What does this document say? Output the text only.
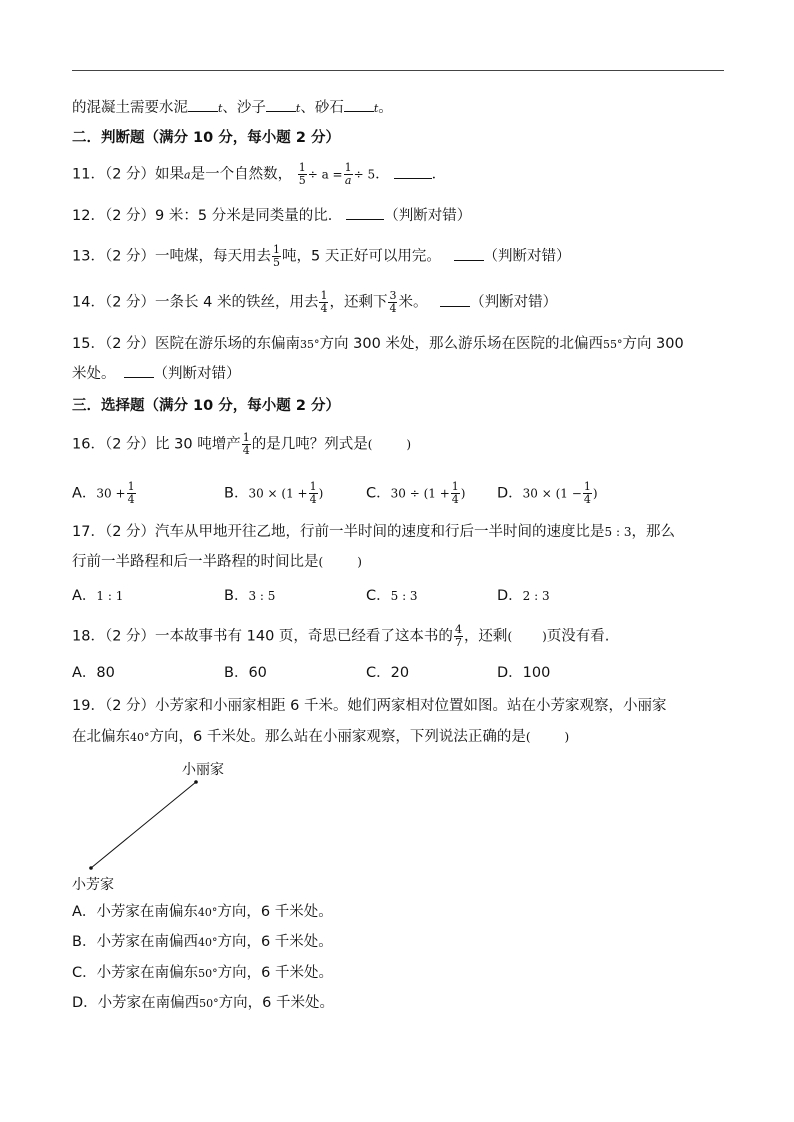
的混凝土需要水泥	t、沙子	t、砂石	t。
二．判断题（满分 10 分，每小题 2 分）
11．（2 分）如果a是一个自然数， $\frac{1}{5} \div a = \frac{1}{a} \div 5$．	．
12．（2 分）9 米：5 分米是同类量的比．	（判断对错）
13．（2 分）一吨煤，每天用去 $\frac{1}{5}$ 吨，5 天正好可以用完。	（判断对错）
14．（2 分）一条长 4 米的铁丝，用去 $\frac{1}{4}$ ，还剩下 $\frac{3}{4}$ 米。	（判断对错）
15．（2 分）医院在游乐场的东偏南35°方向 300 米处，那么游乐场在医院的北偏西55°方向 300
米处。	（判断对错）
三．选择题（满分 10 分，每小题 2 分）
16．（2 分）比 30 吨增产 $\frac{1}{4}$ 的是几吨？列式是(	)
A．$30 + \frac{1}{4}$	B．$30 \times (1 + \frac{1}{4}$ )	C．$30 \div (1 + \frac{1}{4}$ ) D．$30 \times (1 - \frac{1}{4}$ )
17．（2 分）汽车从甲地开往乙地，行前一半时间的速度和行后一半时间的速度比是5 : 3，那么
行前一半路程和后一半路程的时间比是(	)
A．1 : 1	B．3 : 5	C．5 : 3	D．2 : 3
18．（2 分）一本故事书有 140 页，奇思已经看了这本书的 $\frac{4}{7}$ ，还剩(	)页没有看.
A．80	B．60	C．20	D．100
19．（2 分）小芳家和小丽家相距 6 千米。她们两家相对位置如图。站在小芳家观察，小丽家
在北偏东40°方向，6 千米处。那么站在小丽家观察，下列说法正确的是(	)
小丽家
小芳家
A．小芳家在南偏东40°方向，6 千米处。
B．小芳家在南偏西40°方向，6 千米处。
C．小芳家在南偏东50°方向，6 千米处。
D．小芳家在南偏西50°方向，6 千米处。
